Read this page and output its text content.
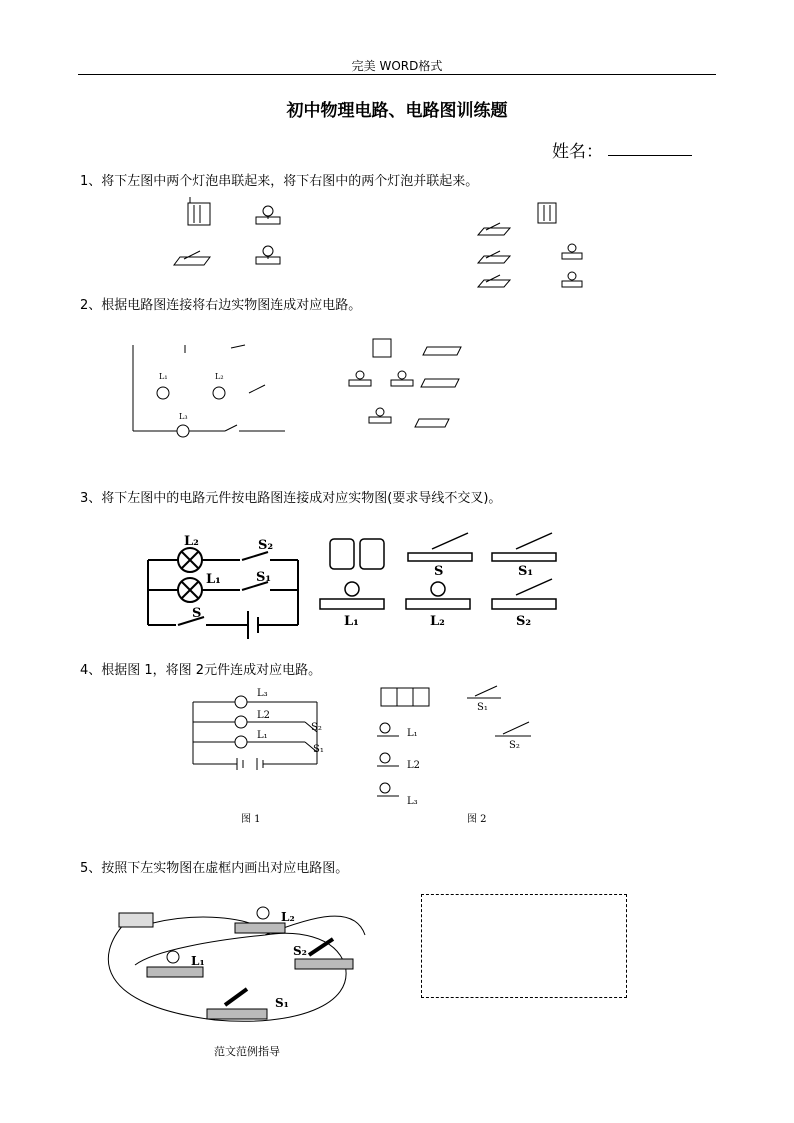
完美 WORD格式
初中物理电路、电路图训练题
姓名：
1、将下左图中两个灯泡串联起来，将下右图中的两个灯泡并联起来。
2、根据电路图连接将右边实物图连成对应电路。
3、将下左图中的电路元件按电路图连接成对应实物图(要求导线不交叉)。
4、根据图 1，将图 2元件连成对应电路。
5、按照下左实物图在虚框内画出对应电路图。
L₁	L₂
L₃
L₂	S₂
L₁	S₁
S
S	S₁
L₁	L₂	S₂
L₃
L2
L₁
S₂
S₁
图 1	图 2
S₁
S₂
L₁
L2
L₃
L₂
L₁
S₂
S₁
范文范例指导
